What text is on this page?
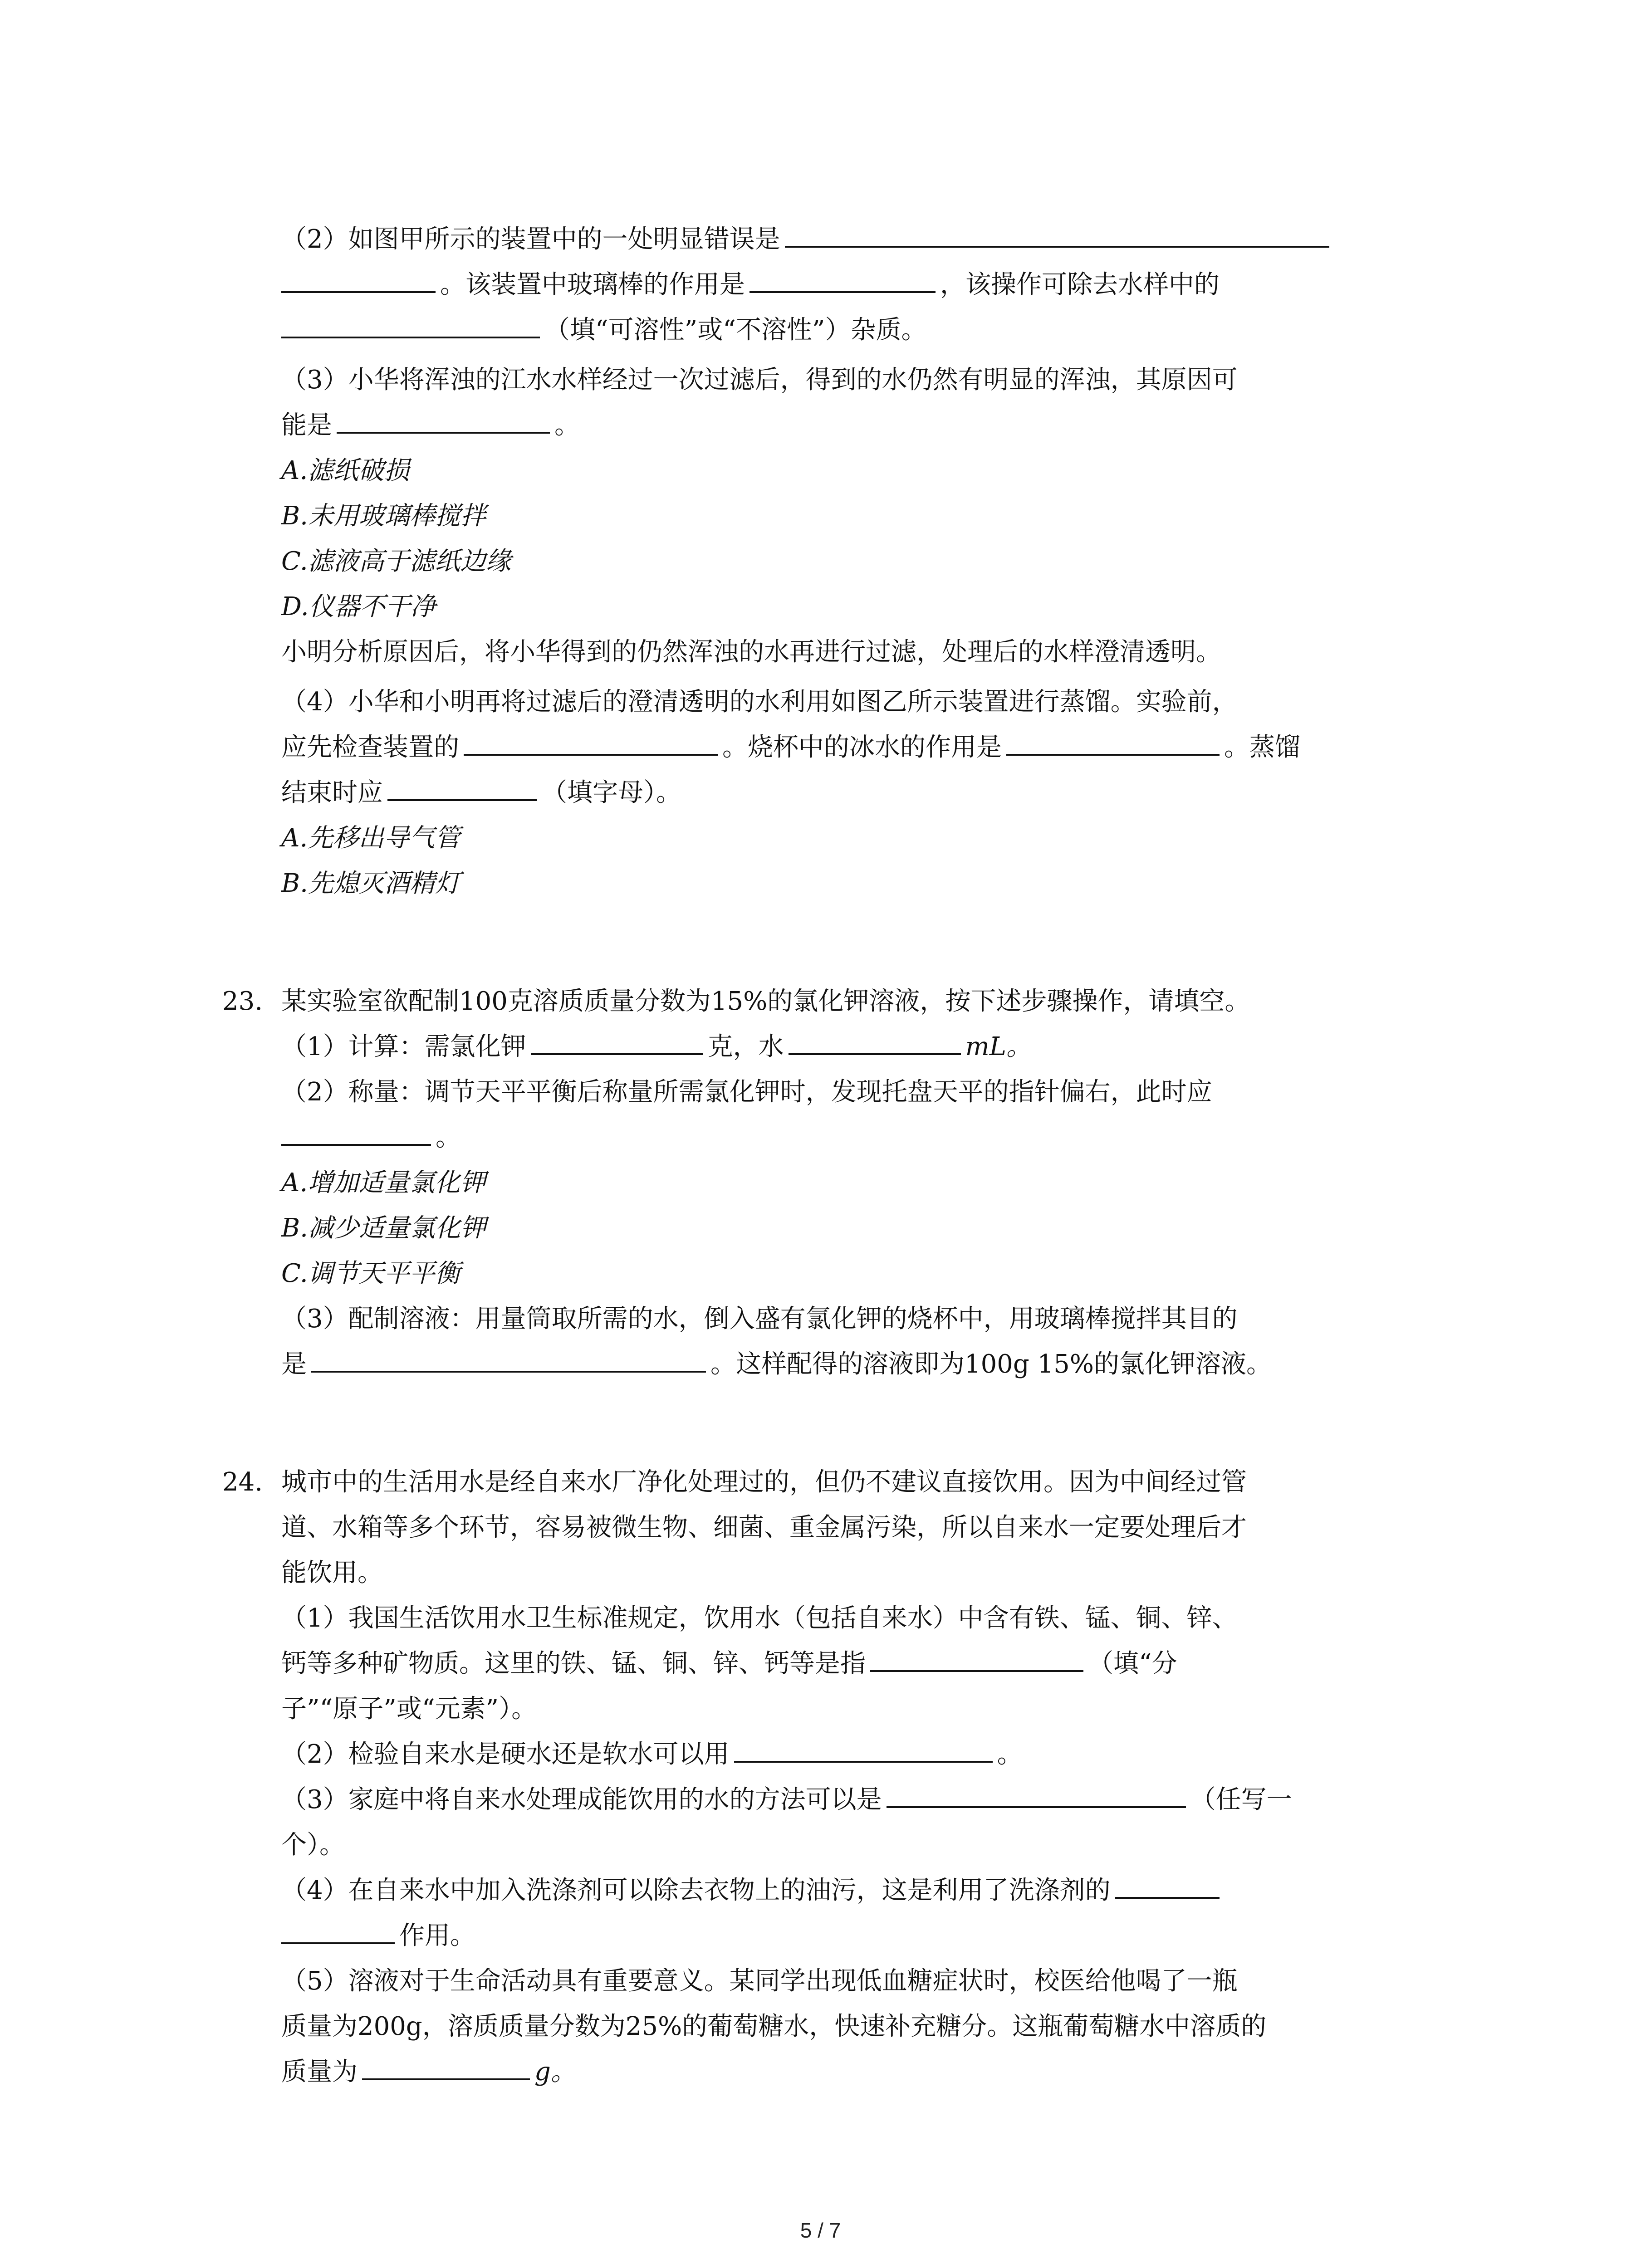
（2）如图甲所示的装置中的一处明显错误是
。该装置中玻璃棒的作用是	，该操作可除去水样中的
（填“可溶性”或“不溶性”）杂质。
（3）小华将浑浊的江水水样经过一次过滤后，得到的水仍然有明显的浑浊，其原因可
能是	。
A.滤纸破损
B.未用玻璃棒搅拌
C.滤液高于滤纸边缘
D.仪器不干净
小明分析原因后，将小华得到的仍然浑浊的水再进行过滤，处理后的水样澄清透明。
（4）小华和小明再将过滤后的澄清透明的水利用如图乙所示装置进行蒸馏。实验前，
应先检查装置的	。烧杯中的冰水的作用是	。蒸馏
结束时应	（填字母）。
A.先移出导气管
B.先熄灭酒精灯
23. 某实验室欲配制100克溶质质量分数为15%的氯化钾溶液，按下述步骤操作，请填空。
（1）计算：需氯化钾	克，水	mL。
（2）称量：调节天平平衡后称量所需氯化钾时，发现托盘天平的指针偏右，此时应
。
A.增加适量氯化钾
B.减少适量氯化钾
C.调节天平平衡
（3）配制溶液：用量筒取所需的水，倒入盛有氯化钾的烧杯中，用玻璃棒搅拌其目的
是	。这样配得的溶液即为100g 15%的氯化钾溶液。
24. 城市中的生活用水是经自来水厂净化处理过的，但仍不建议直接饮用。因为中间经过管
道、水箱等多个环节，容易被微生物、细菌、重金属污染，所以自来水一定要处理后才
能饮用。
（1）我国生活饮用水卫生标准规定，饮用水（包括自来水）中含有铁、锰、铜、锌、
钙等多种矿物质。这里的铁、锰、铜、锌、钙等是指	（填“分
子”“原子”或“元素”）。
（2）检验自来水是硬水还是软水可以用	。
（3）家庭中将自来水处理成能饮用的水的方法可以是	（任写一
个）。
（4）在自来水中加入洗涤剂可以除去衣物上的油污，这是利用了洗涤剂的
作用。
（5）溶液对于生命活动具有重要意义。某同学出现低血糖症状时，校医给他喝了一瓶
质量为200g，溶质质量分数为25%的葡萄糖水，快速补充糖分。这瓶葡萄糖水中溶质的
质量为	g。
5 / 7
